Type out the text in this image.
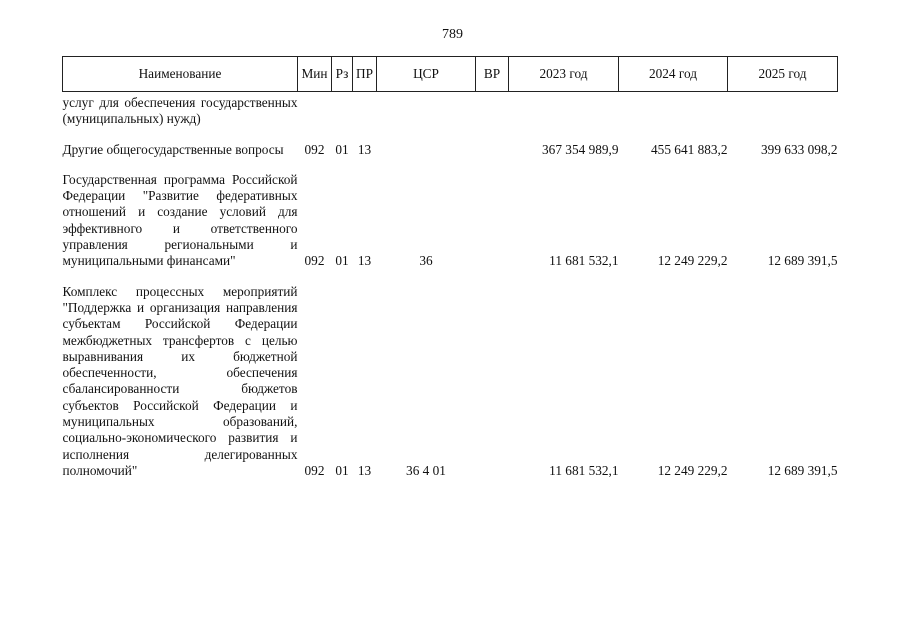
789
Наименование	Мин	Рз	ПР	ЦСР	ВР	2023 год	2024 год	2025 год
услуг для обеспечения государственных (муниципальных) нужд)								

Другие общегосударственные вопросы	092	01	13			367 354 989,9	455 641 883,2	399 633 098,2

Государственная программа Российской Федерации "Развитие федеративных отношений и создание условий для эффективного и ответственного управления региональными и муниципальными финансами"	092	01	13	36		11 681 532,1	12 249 229,2	12 689 391,5

Комплекс процессных мероприятий "Поддержка и организация направления субъектам Российской Федерации межбюджетных трансфертов с целью выравнивания их бюджетной обеспеченности, обеспечения сбалансированности бюджетов субъектов Российской Федерации и муниципальных образований, социально-экономического развития и исполнения делегированных полномочий"	092	01	13	36 4 01		11 681 532,1	12 249 229,2	12 689 391,5
